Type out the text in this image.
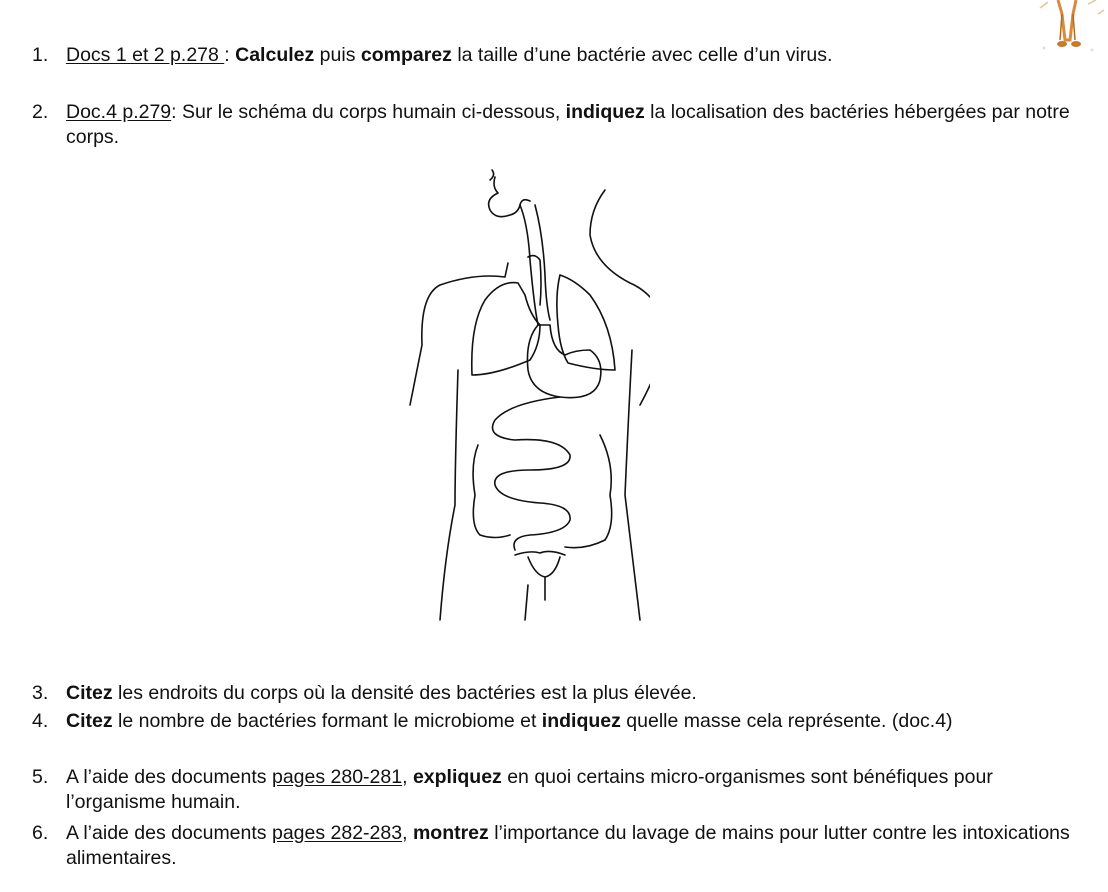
1. Docs 1 et 2 p.278 : Calculez puis comparez la taille d’une bactérie avec celle d’un virus.
2. Doc.4 p.279: Sur le schéma du corps humain ci-dessous, indiquez la localisation des bactéries hébergées par notre corps.
3. Citez les endroits du corps où la densité des bactéries est la plus élevée.
4. Citez le nombre de bactéries formant le microbiome et indiquez quelle masse cela représente. (doc.4)
5. A l’aide des documents pages 280-281, expliquez en quoi certains micro-organismes sont bénéfiques pour l’organisme humain.
6. A l’aide des documents pages 282-283, montrez l’importance du lavage de mains pour lutter contre les intoxications alimentaires.
